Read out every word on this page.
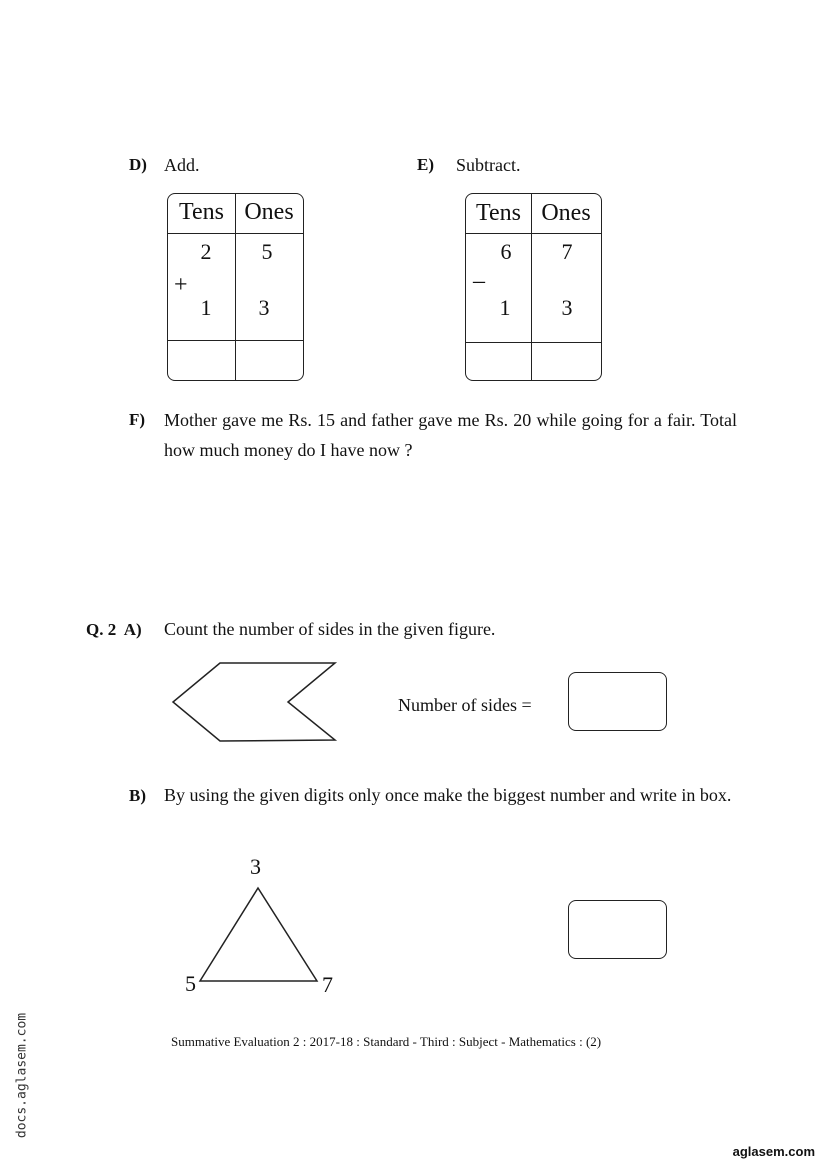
D) Add.
Tens Ones
2	5
+
1	3
E) Subtract.
Tens Ones
6	7
–
1	3
F) Mother gave me Rs. 15 and father gave me Rs. 20 while going for a fair. Total how much money do I have now ?
Q. 2  A) Count the number of sides in the given figure.
Number of sides =
B) By using the given digits only once make the biggest number and write in box.
3
5	7
Summative Evaluation 2 : 2017-18 : Standard - Third : Subject - Mathematics : (2)
docs.aglasem.com
aglasem.com
